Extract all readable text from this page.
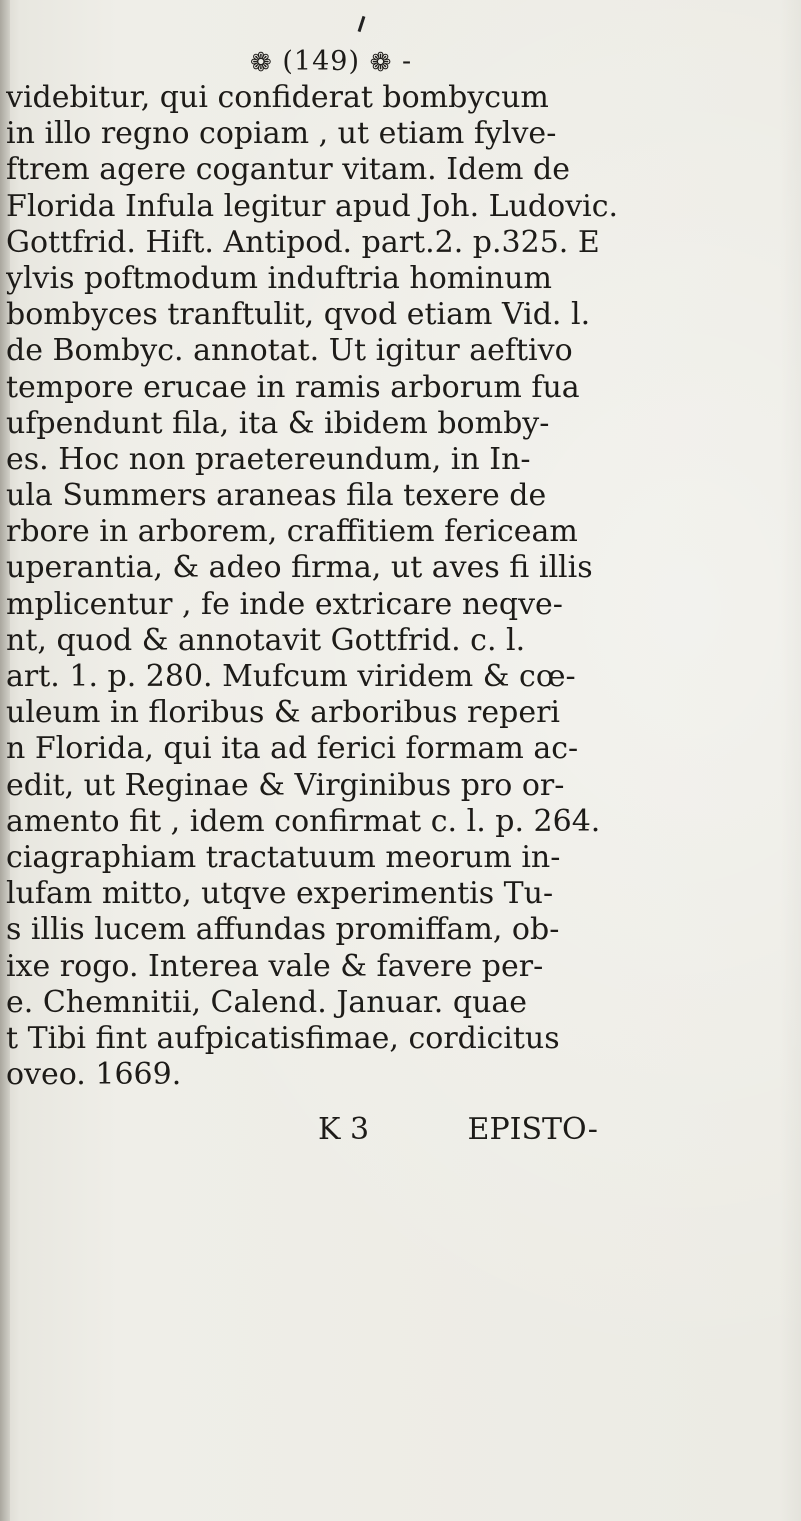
❁ (149) ❁ -
videbitur, qui confiderat bombycum
in illo regno copiam , ut etiam fylve-
ftrem agere cogantur vitam. Idem de
Florida Infula legitur apud Joh. Ludovic.
Gottfrid. Hift. Antipod. part.2. p.325. E
ylvis poftmodum induftria hominum
bombyces tranftulit, qvod etiam Vid. l.
de Bombyc. annotat. Ut igitur aeftivo
tempore erucae in ramis arborum fua
ufpendunt fila, ita & ibidem bomby-
es. Hoc non praetereundum, in In-
ula Summers araneas fila texere de
rbore in arborem, craffitiem fericeam
uperantia, & adeo firma, ut aves fi illis
mplicentur , fe inde extricare neqve-
nt, quod & annotavit Gottfrid. c. l.
art. 1. p. 280. Mufcum viridem & cœ-
uleum in floribus & arboribus reperi
n Florida, qui ita ad ferici formam ac-
edit, ut Reginae & Virginibus pro or-
amento fit , idem confirmat c. l. p. 264.
ciagraphiam tractatuum meorum in-
lufam mitto, utqve experimentis Tu-
s illis lucem affundas promiffam, ob-
ixe rogo. Interea vale & favere per-
e. Chemnitii, Calend. Januar. quae
t Tibi fint aufpicatisfimae, cordicitus
oveo. 1669.
K 3	EPISTO-
